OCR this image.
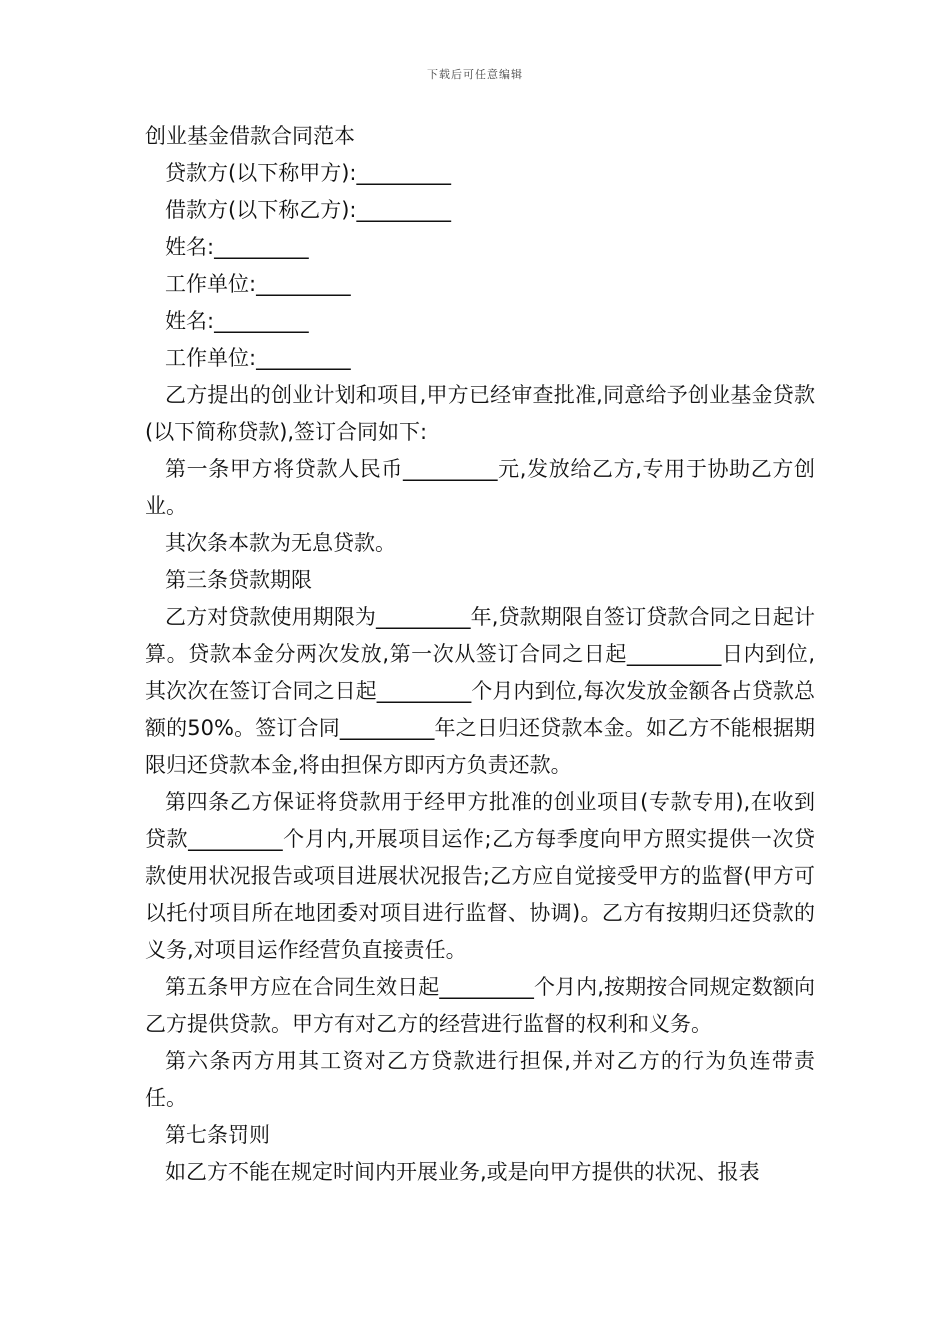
下载后可任意编辑

创业基金借款合同范本

贷款方(以下称甲方):_________

借款方(以下称乙方):_________

姓名:_________

工作单位:_________

姓名:_________

工作单位:_________

乙方提出的创业计划和项目,甲方已经审查批准,同意给予创业基金贷款(以下简称贷款),签订合同如下:

第一条甲方将贷款人民币_________元,发放给乙方,专用于协助乙方创业。

其次条本款为无息贷款。

第三条贷款期限

乙方对贷款使用期限为_________年,贷款期限自签订贷款合同之日起计算。贷款本金分两次发放,第一次从签订合同之日起_________日内到位,其次次在签订合同之日起_________个月内到位,每次发放金额各占贷款总额的50%。签订合同_________年之日归还贷款本金。如乙方不能根据期限归还贷款本金,将由担保方即丙方负责还款。

第四条乙方保证将贷款用于经甲方批准的创业项目(专款专用),在收到贷款_________个月内,开展项目运作;乙方每季度向甲方照实提供一次贷款使用状况报告或项目进展状况报告;乙方应自觉接受甲方的监督(甲方可以托付项目所在地团委对项目进行监督、协调)。乙方有按期归还贷款的义务,对项目运作经营负直接责任。

第五条甲方应在合同生效日起_________个月内,按期按合同规定数额向乙方提供贷款。甲方有对乙方的经营进行监督的权利和义务。

第六条丙方用其工资对乙方贷款进行担保,并对乙方的行为负连带责任。

第七条罚则

如乙方不能在规定时间内开展业务,或是向甲方提供的状况、报表
